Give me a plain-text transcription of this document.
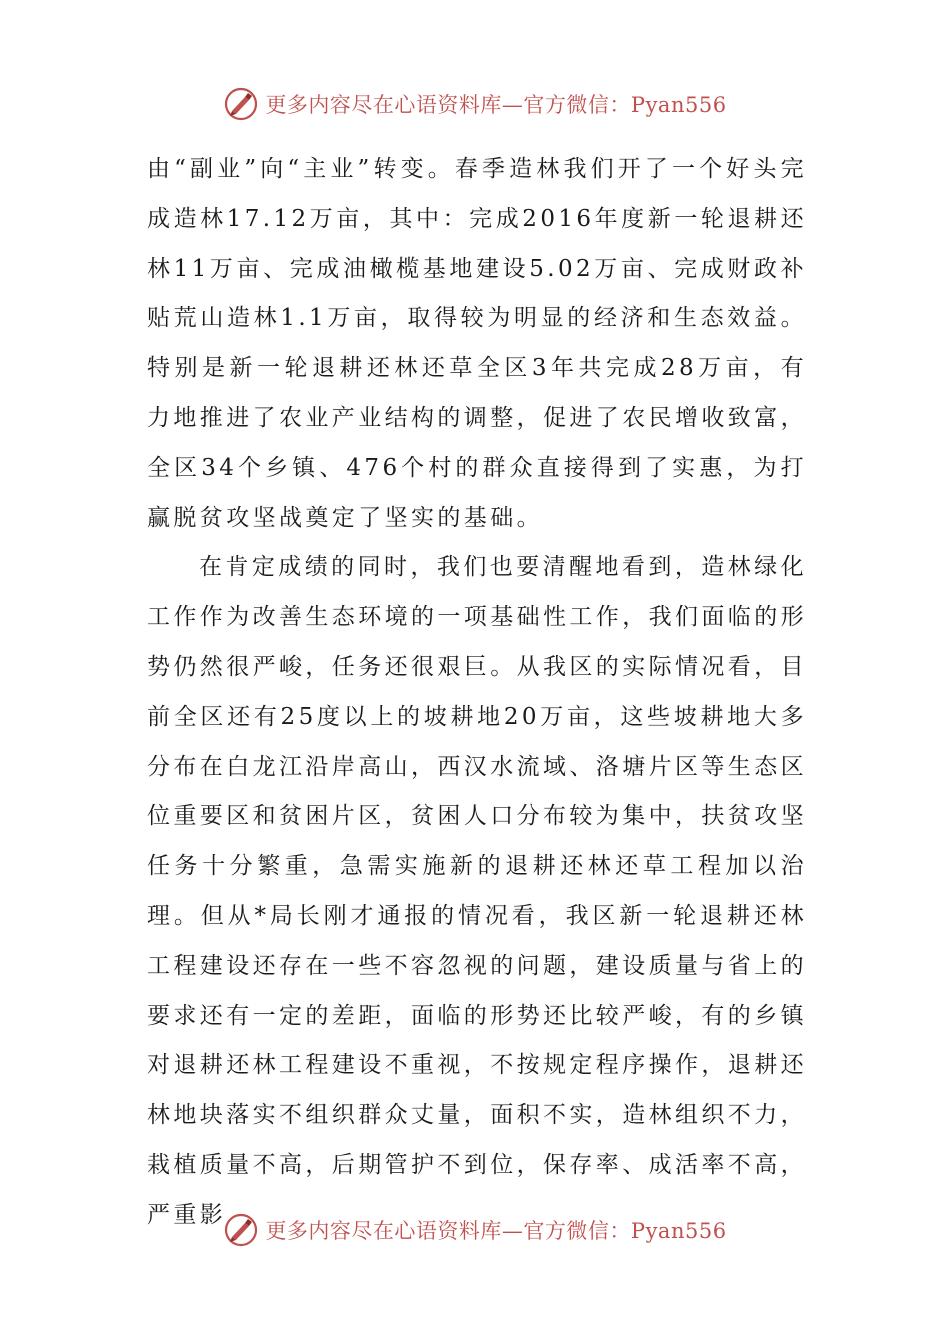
更多内容尽在心语资料库—官方微信：Pyan556

由“副业”向“主业”转变。春季造林我们开了一个好头完成造林17.12万亩，其中：完成2016年度新一轮退耕还林11万亩、完成油橄榄基地建设5.02万亩、完成财政补贴荒山造林1.1万亩，取得较为明显的经济和生态效益。特别是新一轮退耕还林还草全区3年共完成28万亩，有力地推进了农业产业结构的调整，促进了农民增收致富，全区34个乡镇、476个村的群众直接得到了实惠，为打赢脱贫攻坚战奠定了坚实的基础。

在肯定成绩的同时，我们也要清醒地看到，造林绿化工作作为改善生态环境的一项基础性工作，我们面临的形势仍然很严峻，任务还很艰巨。从我区的实际情况看，目前全区还有25度以上的坡耕地20万亩，这些坡耕地大多分布在白龙江沿岸高山，西汉水流域、洛塘片区等生态区位重要区和贫困片区，贫困人口分布较为集中，扶贫攻坚任务十分繁重，急需实施新的退耕还林还草工程加以治理。但从*局长刚才通报的情况看，我区新一轮退耕还林工程建设还存在一些不容忽视的问题，建设质量与省上的要求还有一定的差距，面临的形势还比较严峻，有的乡镇对退耕还林工程建设不重视，不按规定程序操作，退耕还林地块落实不组织群众丈量，面积不实，造林组织不力，栽植质量不高，后期管护不到位，保存率、成活率不高，严重影

更多内容尽在心语资料库—官方微信：Pyan556
